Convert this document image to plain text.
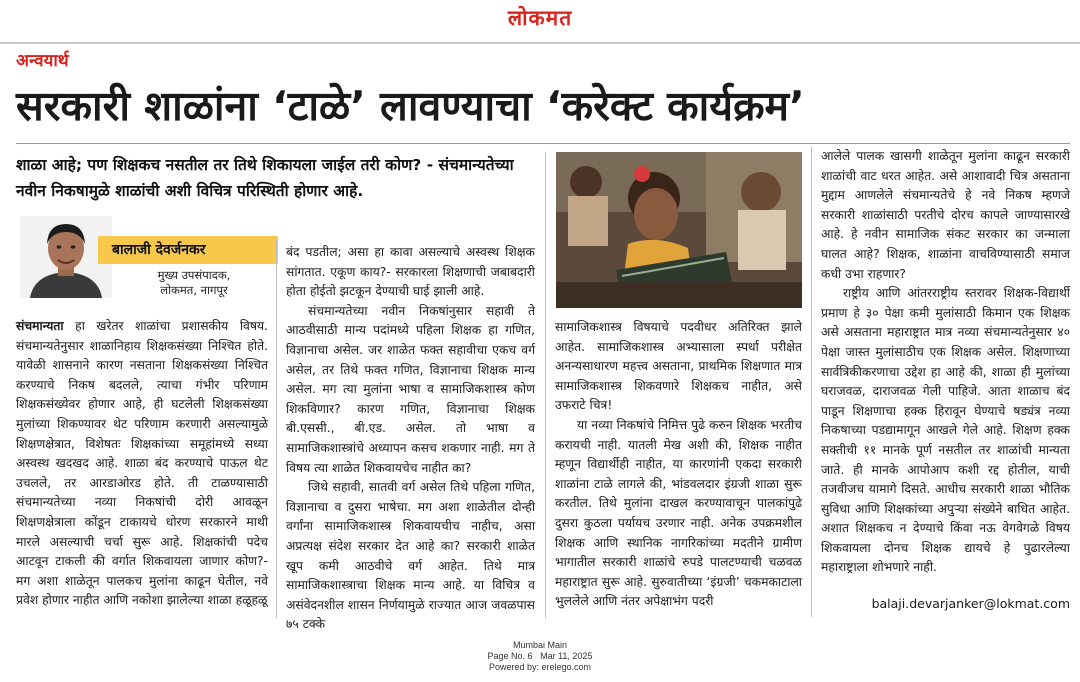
लोकमत
अन्वयार्थ
सरकारी शाळांना ‘टाळे’ लावण्याचा ‘करेक्ट कार्यक्रम’
शाळा आहे; पण शिक्षकच नसतील तर तिथे शिकायला जाईल तरी कोण? - संचमान्यतेच्या नवीन निकषामुळे शाळांची अशी विचित्र परिस्थिती होणार आहे.
बालाजी देवर्जनकर
मुख्य उपसंपादक,
लोकमत, नागपूर

संचमान्यता हा खरेतर शाळांचा प्रशासकीय विषय. संचमान्यतेनुसार शाळानिहाय शिक्षकसंख्या निश्चित होते. यावेळी शासनाने कारण नसताना शिक्षकसंख्या निश्चित करण्याचे निकष बदलले, त्याचा गंभीर परिणाम शिक्षकसंख्येवर होणार आहे, ही घटलेली शिक्षकसंख्या मुलांच्या शिकण्यावर थेट परिणाम करणारी असल्यामुळे शिक्षणक्षेत्रात, विशेषतः शिक्षकांच्या समूहांमध्ये सध्या अस्वस्थ खदखद आहे. शाळा बंद करण्याचे पाऊल थेट उचलले, तर आरडाओरड होते. ती टाळण्यासाठी संचमान्यतेच्या नव्या निकषांची दोरी आवळून शिक्षणक्षेत्राला कोंडून टाकायचे धोरण सरकारने माथी मारले असल्याची चर्चा सुरू आहे. शिक्षकांची पदेच आटवून टाकली की वर्गात शिकवायला जाणार कोण?- मग अशा शाळेतून पालकच मुलांना काढून घेतील, नवे प्रवेश होणार नाहीत आणि नकोशा झालेल्या शाळा हळूहळू

बंद पडतील; असा हा कावा असल्याचे अस्वस्थ शिक्षक सांगतात. एकूण काय?- सरकारला शिक्षणाची जबाबदारी होता होईतो झटकून देण्याची घाई झाली आहे.

संचमान्यतेच्या नवीन निकषांनुसार सहावी ते आठवीसाठी मान्य पदांमध्ये पहिला शिक्षक हा गणित, विज्ञानाचा असेल. जर शाळेत फक्त सहावीचा एकच वर्ग असेल, तर तिथे फक्त गणित, विज्ञानाचा शिक्षक मान्य असेल. मग त्या मुलांना भाषा व सामाजिकशास्त्र कोण शिकविणार? कारण गणित, विज्ञानाचा शिक्षक बी.एससी., बी.एड. असेल. तो भाषा व सामाजिकशास्त्रांचे अध्यापन कसच शकणार नाही. मग ते विषय त्या शाळेत शिकवायचेच नाहीत का?

जिथे सहावी, सातवी वर्ग असेल तिथे पहिला गणित, विज्ञानाचा व दुसरा भाषेचा. मग अशा शाळेतील दोन्ही वर्गांना सामाजिकशास्त्र शिकवायचीच नाहीच, असा अप्रत्यक्ष संदेश सरकार देत आहे का? सरकारी शाळेत खूप कमी आठवीचे वर्ग आहेत. तिथे मात्र सामाजिकशास्त्राचा शिक्षक मान्य आहे. या विचित्र व असंवेदनशील शासन निर्णयामुळे राज्यात आज जवळपास ७५ टक्के

सामाजिकशास्त्र विषयाचे पदवीधर अतिरिक्त झाले आहेत. सामाजिकशास्त्र अभ्यासाला स्पर्धा परीक्षेत अनन्यसाधारण महत्त्व असताना, प्राथमिक शिक्षणात मात्र सामाजिकशास्त्र शिकवणारे शिक्षकच नाहीत, असे उफराटे चित्र!

या नव्या निकषांचे निमित्त पुढे करुन शिक्षक भरतीच करायची नाही. यातली मेख अशी की, शिक्षक नाहीत म्हणून विद्यार्थीही नाहीत, या कारणांनी एकदा सरकारी शाळांना टाळे लागले की, भांडवलदार इंग्रजी शाळा सुरू करतील. तिथे मुलांना दाखल करण्यावाचून पालकांपुढे दुसरा कुठला पर्यायच उरणार नाही. अनेक उपक्रमशील शिक्षक आणि स्थानिक नागरिकांच्या मदतीने ग्रामीण भागातील सरकारी शाळांचे रुपडे पालटण्याची चळवळ महाराष्ट्रात सुरू आहे. सुरुवातीच्या ‘इंग्रजी’ चकमकाटाला भुललेले आणि नंतर अपेक्षाभंग पदरी

आलेले पालक खासगी शाळेतून मुलांना काढून सरकारी शाळांची वाट धरत आहेत. असे आशावादी चित्र असताना मुद्दाम आणलेले संचमान्यतेचे हे नवे निकष म्हणजे सरकारी शाळांसाठी परतीचे दोरच कापले जाण्यासारखे आहे. हे नवीन सामाजिक संकट सरकार का जन्माला घालत आहे? शिक्षक, शाळांना वाचविण्यासाठी समाज कधी उभा राहणार?

राष्ट्रीय आणि आंतरराष्ट्रीय स्तरावर शिक्षक-विद्यार्थी प्रमाण हे ३० पेक्षा कमी मुलांसाठी किमान एक शिक्षक असे असताना महाराष्ट्रात मात्र नव्या संचमान्यतेनुसार ४० पेक्षा जास्त मुलांसाठीच एक शिक्षक असेल. शिक्षणाच्या सार्वत्रिकीकरणाचा उद्देश हा आहे की, शाळा ही मुलांच्या घराजवळ, दाराजवळ गेली पाहिजे. आता शाळाच बंद पाडून शिक्षणाचा हक्क हिरावून घेण्याचे षड्यंत्र नव्या निकषाच्या पडद्यामागून आखले गेले आहे. शिक्षण हक्क सक्तीची ११ मानके पूर्ण नसतील तर शाळांची मान्यता जाते. ही मानके आपोआप कशी रद्द होतील, याची तजवीजच यामागे दिसते. आधीच सरकारी शाळा भौतिक सुविधा आणि शिक्षकांच्या अपुऱ्या संख्येने बाधित आहेत. अशात शिक्षकच न देण्याचे किंवा नऊ वेगवेगळे विषय शिकवायला दोनच शिक्षक द्यायचे हे पुढारलेल्या महाराष्ट्राला शोभणारे नाही.

balaji.devarjanker@lokmat.com
Mumbai Main
Page No. 6 Mar 11, 2025
Powered by: erelego.com
